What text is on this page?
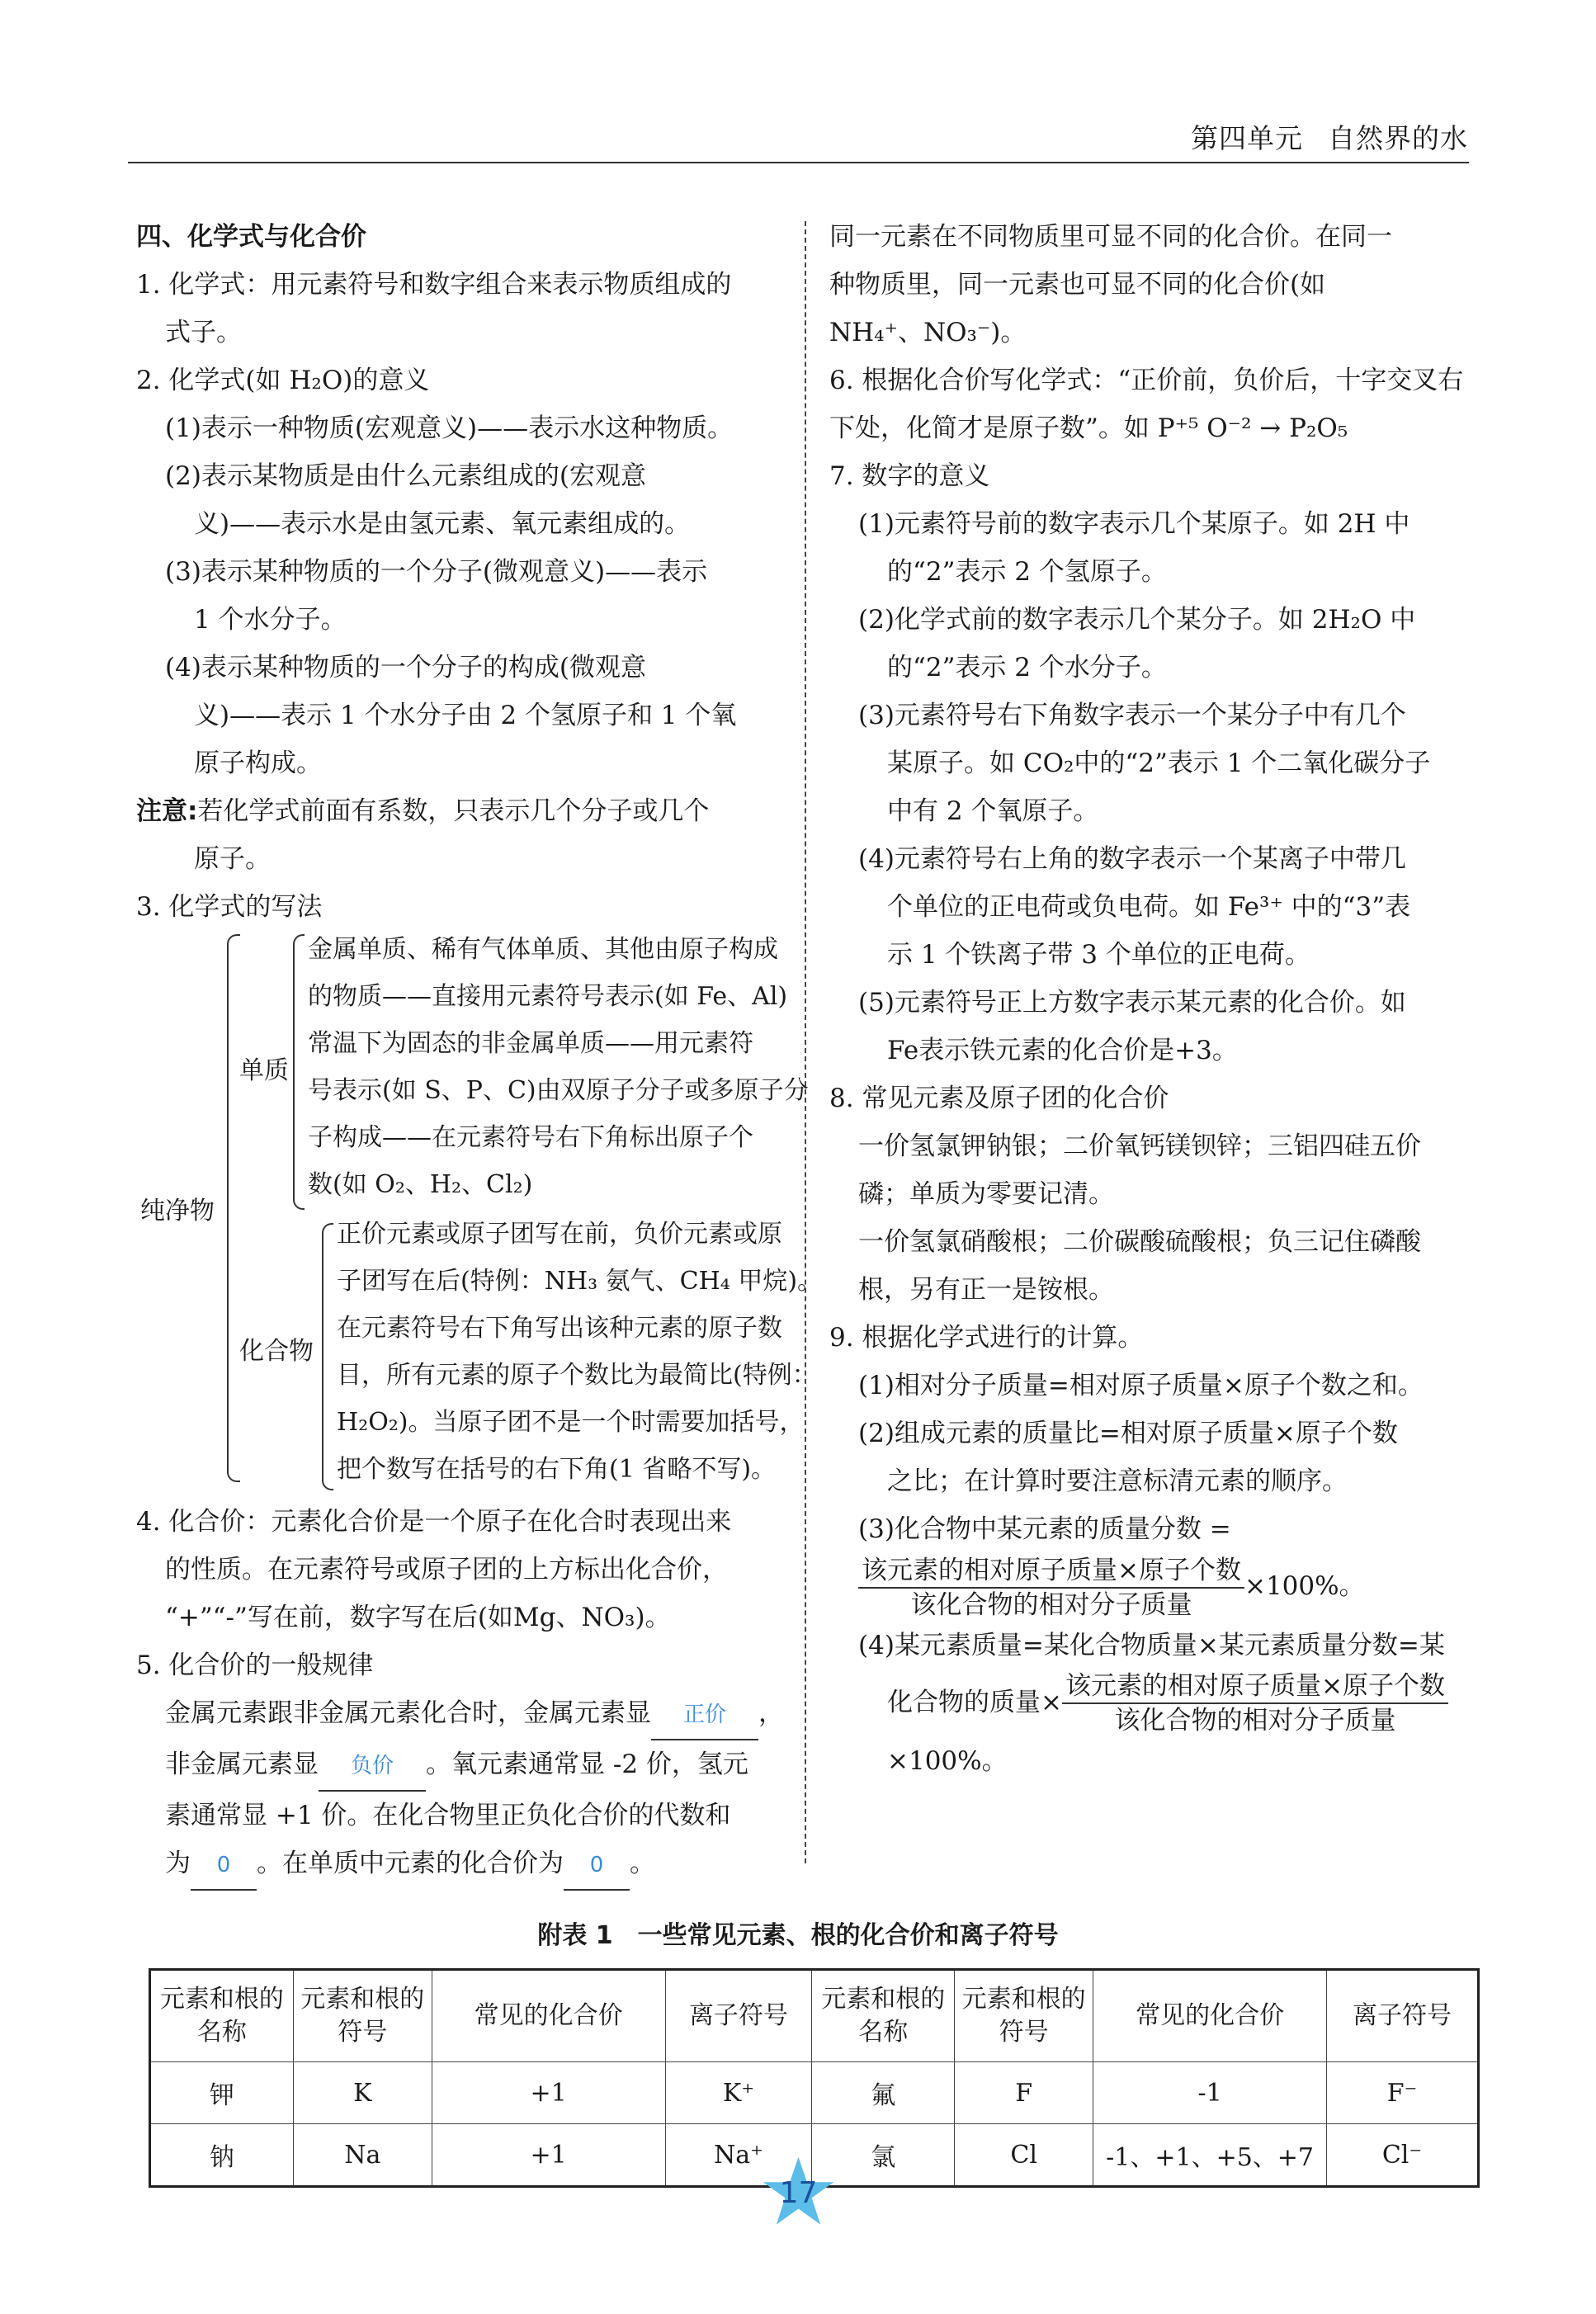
第四单元 自然界的水

四、化学式与化合价

1. 化学式：用元素符号和数字组合来表示物质组成的

式子。

2. 化学式(如 H₂O)的意义

(1)表示一种物质(宏观意义)——表示水这种物质。

(2)表示某物质是由什么元素组成的(宏观意

义)——表示水是由氢元素、氧元素组成的。

(3)表示某种物质的一个分子(微观意义)——表示

1 个水分子。

(4)表示某种物质的一个分子的构成(微观意

义)——表示 1 个水分子由 2 个氢原子和 1 个氧

原子构成。

注意:若化学式前面有系数，只表示几个分子或几个

原子。

3. 化学式的写法

纯净物
单质

金属单质、稀有气体单质、其他由原子构成

的物质——直接用元素符号表示(如 Fe、Al)

常温下为固态的非金属单质——用元素符

号表示(如 S、P、C)由双原子分子或多原子分

子构成——在元素符号右下角标出原子个

数(如 O₂、H₂、Cl₂)

化合物

正价元素或原子团写在前，负价元素或原

子团写在后(特例：NH₃ 氨气、CH₄ 甲烷)。

在元素符号右下角写出该种元素的原子数

目，所有元素的原子个数比为最简比(特例：

H₂O₂)。当原子团不是一个时需要加括号，

把个数写在括号的右下角(1 省略不写)。

4. 化合价：元素化合价是一个原子在化合时表现出来

的性质。在元素符号或原子团的上方标出化合价，

“+”“-”写在前，数字写在后(如Mg、NO₃)。

5. 化合价的一般规律

金属元素跟非金属元素化合时，金属元素显 正价 ，

非金属元素显 负价 。氧元素通常显 -2 价，氢元

素通常显 +1 价。在化合物里正负化合价的代数和

为 0 。在单质中元素的化合价为 0 。

同一元素在不同物质里可显不同的化合价。在同一

种物质里，同一元素也可显不同的化合价(如

NH₄⁺、NO₃⁻)。

6. 根据化合价写化学式：“正价前，负价后，十字交叉右

下处，化简才是原子数”。如 P⁺⁵ O⁻² → P₂O₅

7. 数字的意义

(1)元素符号前的数字表示几个某原子。如 2H 中

的“2”表示 2 个氢原子。

(2)化学式前的数字表示几个某分子。如 2H₂O 中

的“2”表示 2 个水分子。

(3)元素符号右下角数字表示一个某分子中有几个

某原子。如 CO₂中的“2”表示 1 个二氧化碳分子

中有 2 个氧原子。

(4)元素符号右上角的数字表示一个某离子中带几

个单位的正电荷或负电荷。如 Fe³⁺ 中的“3”表

示 1 个铁离子带 3 个单位的正电荷。

(5)元素符号正上方数字表示某元素的化合价。如

Fe表示铁元素的化合价是+3。

8. 常见元素及原子团的化合价

一价氢氯钾钠银；二价氧钙镁钡锌；三铝四硅五价

磷；单质为零要记清。

一价氢氯硝酸根；二价碳酸硫酸根；负三记住磷酸

根，另有正一是铵根。

9. 根据化学式进行的计算。

(1)相对分子质量=相对原子质量×原子个数之和。

(2)组成元素的质量比=相对原子质量×原子个数

之比；在计算时要注意标清元素的顺序。

(3)化合物中某元素的质量分数 =

$\frac{\text{该元素的相对原子质量×原子个数}}{\text{该化合物的相对分子质量}} \times 100\%$。

(4)某元素质量=某化合物质量×某元素质量分数=某

化合物的质量× $\frac{\text{该元素的相对原子质量×原子个数}}{\text{该化合物的相对分子质量}}$

×100%。

附表 1　一些常见元素、根的化合价和离子符号
元素和根的名称	元素和根的符号	常见的化合价	离子符号	元素和根的名称	元素和根的符号	常见的化合价	离子符号
钾	K	+1	K⁺	氟	F	-1	F⁻
钠	Na	+1	Na⁺	氯	Cl	-1、+1、+5、+7	Cl⁻
17
